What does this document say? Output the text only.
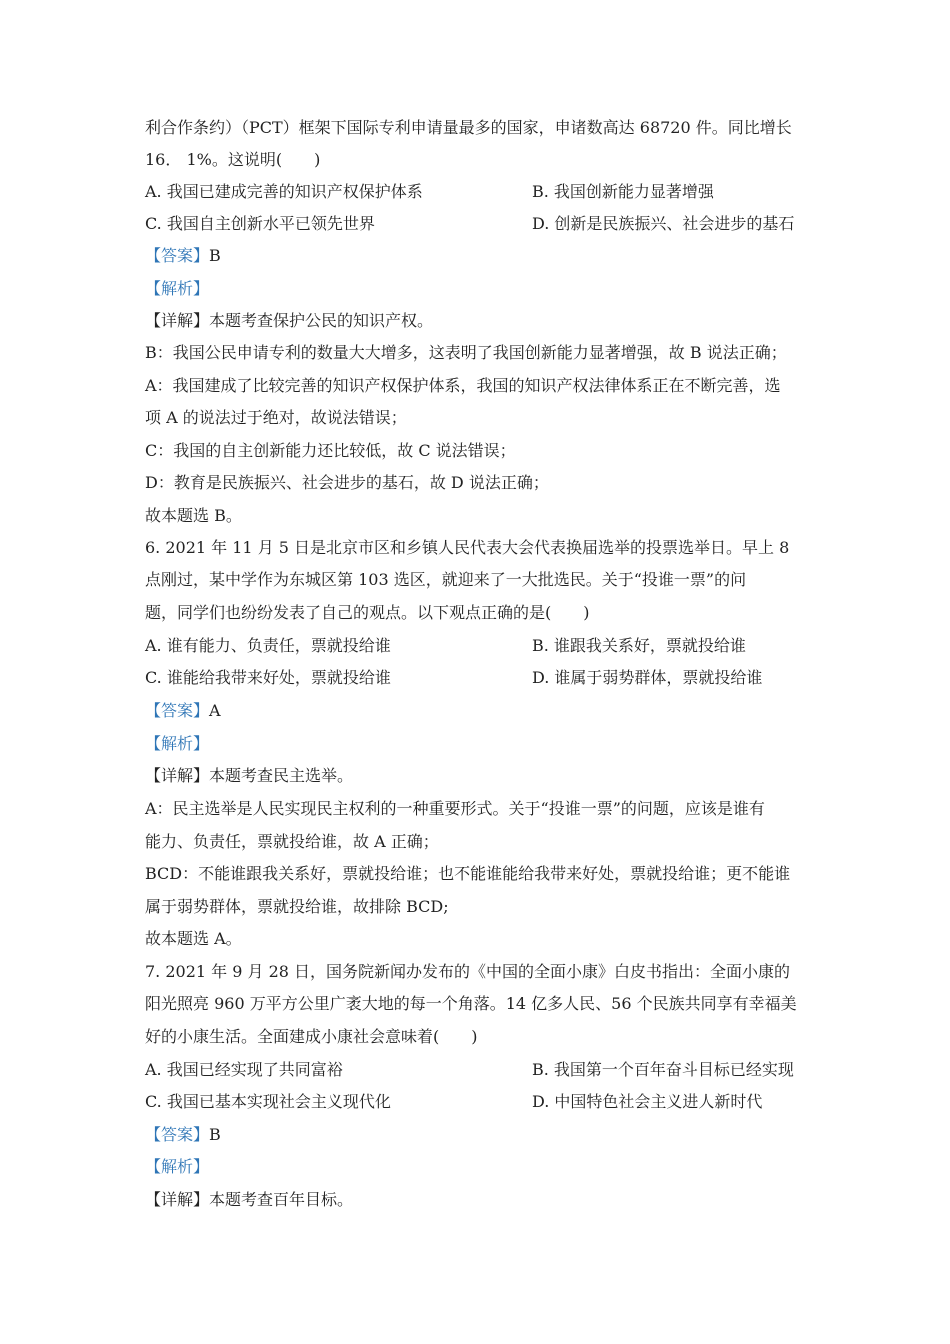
利合作条约）（PCT）框架下国际专利申请量最多的国家，申诸数高达 68720 件。同比增长
16． 1%。这说明(　　)
A. 我国已建成完善的知识产权保护体系	B. 我国创新能力显著增强
C. 我国自主创新水平已领先世界	D. 创新是民族振兴、社会进步的基石
【答案】B
【解析】
【详解】本题考查保护公民的知识产权。
B：我国公民申请专利的数量大大增多，这表明了我国创新能力显著增强，故 B 说法正确；
A：我国建成了比较完善的知识产权保护体系，我国的知识产权法律体系正在不断完善，选
项 A 的说法过于绝对，故说法错误；
C：我国的自主创新能力还比较低，故 C 说法错误；
D：教育是民族振兴、社会进步的基石，故 D 说法正确；
故本题选 B。
6. 2021 年 11 月 5 日是北京市区和乡镇人民代表大会代表换届选举的投票选举日。早上 8
点刚过，某中学作为东城区第 103 选区，就迎来了一大批选民。关于“投谁一票”的问
题，同学们也纷纷发表了自己的观点。以下观点正确的是(　　)
A. 谁有能力、负责任，票就投给谁	B. 谁跟我关系好，票就投给谁
C. 谁能给我带来好处，票就投给谁	D. 谁属于弱势群体，票就投给谁
【答案】A
【解析】
【详解】本题考查民主选举。
A：民主选举是人民实现民主权利的一种重要形式。关于“投谁一票”的问题，应该是谁有
能力、负责任，票就投给谁，故 A 正确；
BCD：不能谁跟我关系好，票就投给谁；也不能谁能给我带来好处，票就投给谁；更不能谁
属于弱势群体，票就投给谁，故排除 BCD;
故本题选 A。
7. 2021 年 9 月 28 日，国务院新闻办发布的《中国的全面小康》白皮书指出：全面小康的
阳光照亮 960 万平方公里广袤大地的每一个角落。14 亿多人民、56 个民族共同享有幸福美
好的小康生活。全面建成小康社会意味着(　　)
A. 我国已经实现了共同富裕	B. 我国第一个百年奋斗目标已经实现
C. 我国已基本实现社会主义现代化	D. 中国特色社会主义进人新时代
【答案】B
【解析】
【详解】本题考查百年目标。
